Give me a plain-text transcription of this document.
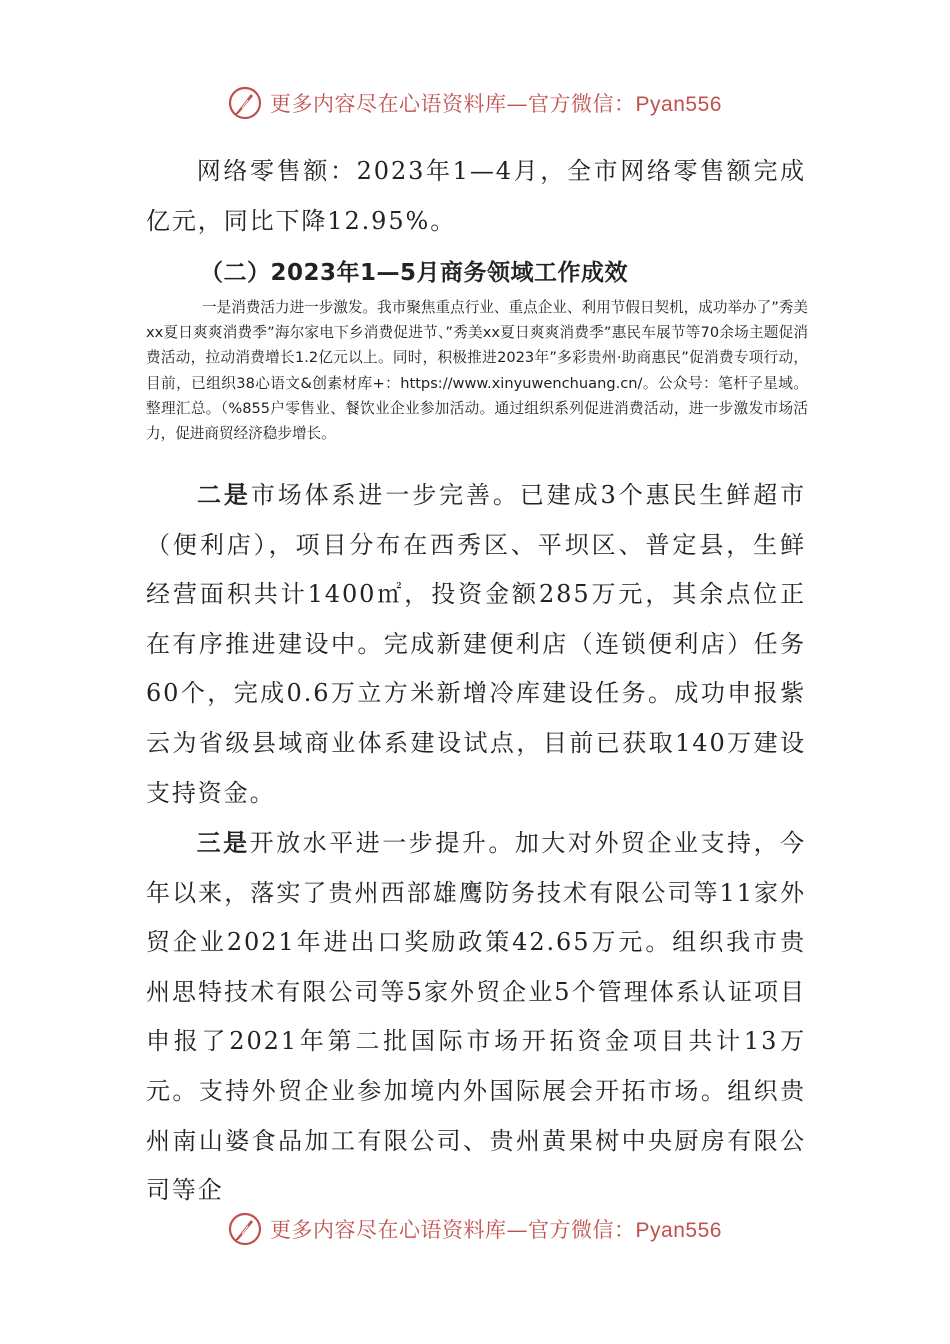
更多内容尽在心语资料库—官方微信：Pyan556

网络零售额：2023年1—4月，全市网络零售额完成亿元，同比下降12.95%。

（二）2023年1—5月商务领域工作成效
一是消费活力进一步激发。我市聚焦重点行业、重点企业、利用节假日契机，成功举办了”秀美xx夏日爽爽消费季”海尔家电下乡消费促进节、”秀美xx夏日爽爽消费季”惠民车展节等70余场主题促消费活动，拉动消费增长1.2亿元以上。同时，积极推进2023年”多彩贵州·助商惠民”促消费专项行动，目前，已组织38心语文&创素材库+：https://www.xinyuwenchuang.cn/。公众号：笔杆子星域。整理汇总。（%855户零售业、餐饮业企业参加活动。通过组织系列促进消费活动，进一步激发市场活力，促进商贸经济稳步增长。

二是市场体系进一步完善。已建成3个惠民生鲜超市（便利店），项目分布在西秀区、平坝区、普定县，生鲜经营面积共计1400㎡，投资金额285万元，其余点位正在有序推进建设中。完成新建便利店（连锁便利店）任务60个，完成0.6万立方米新增冷库建设任务。成功申报紫云为省级县域商业体系建设试点，目前已获取140万建设支持资金。

三是开放水平进一步提升。加大对外贸企业支持，今年以来，落实了贵州西部雄鹰防务技术有限公司等11家外贸企业2021年进出口奖励政策42.65万元。组织我市贵州思特技术有限公司等5家外贸企业5个管理体系认证项目申报了2021年第二批国际市场开拓资金项目共计13万元。支持外贸企业参加境内外国际展会开拓市场。组织贵州南山婆食品加工有限公司、贵州黄果树中央厨房有限公司等企

更多内容尽在心语资料库—官方微信：Pyan556
